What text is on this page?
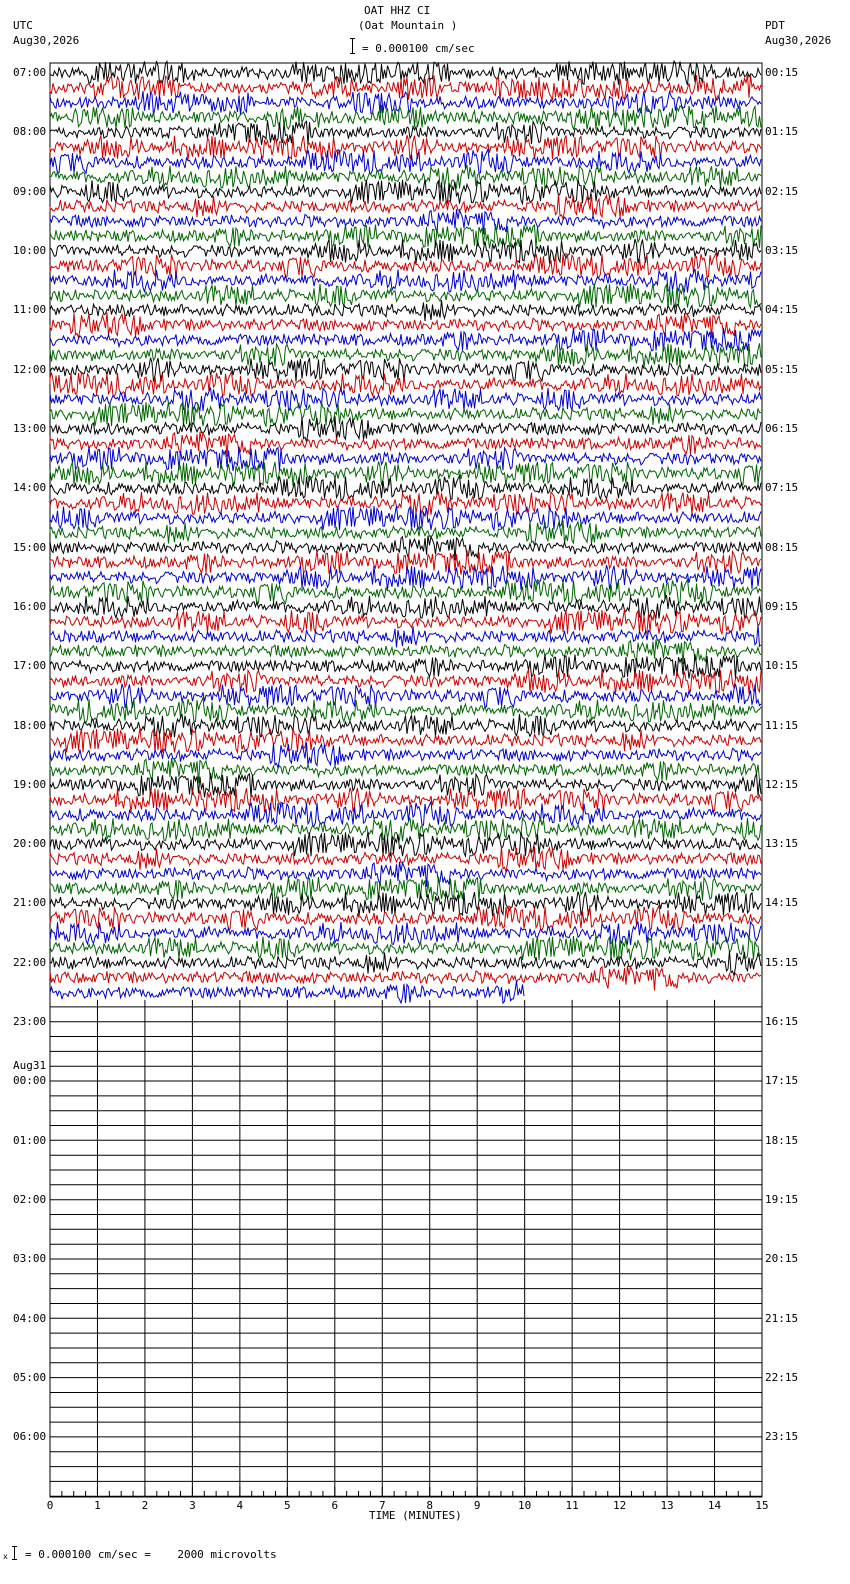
0	1	2	3	4	5	6	7	8	9	10	11	12	13	14	15
OAT HHZ CI
(Oat Mountain )
= 0.000100 cm/sec
UTC
Aug30,2026
PDT
Aug30,2026
TIME (MINUTES)
x = 0.000100 cm/sec =    2000 microvolts
07:00
08:00
09:00
10:00
11:00
12:00
13:00
14:00
15:00
16:00
17:00
18:00
19:00
20:00
21:00
22:00
23:00
00:00
Aug31
01:00
02:00
03:00
04:00
05:00
06:00
00:15
01:15
02:15
03:15
04:15
05:15
06:15
07:15
08:15
09:15
10:15
11:15
12:15
13:15
14:15
15:15
16:15
17:15
18:15
19:15
20:15
21:15
22:15
23:15
